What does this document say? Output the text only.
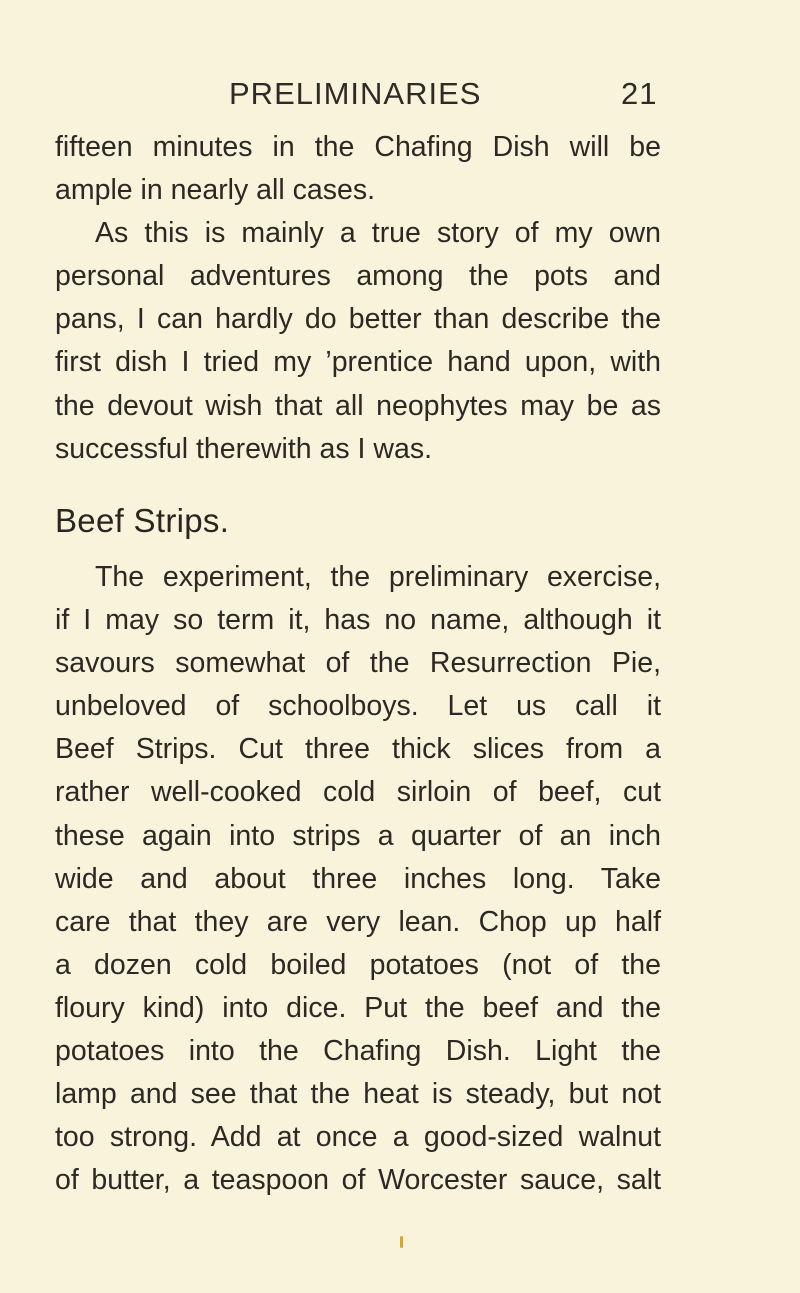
PRELIMINARIES	21
fifteen minutes in the Chafing Dish will be
ample in nearly all cases.
As this is mainly a true story of my own
personal adventures among the pots and
pans, I can hardly do better than describe the
first dish I tried my ’prentice hand upon, with
the devout wish that all neophytes may be as
successful therewith as I was.
Beef Strips.
The experiment, the preliminary exercise,
if I may so term it, has no name, although it
savours somewhat of the Resurrection Pie,
unbeloved of schoolboys. Let us call it
Beef Strips. Cut three thick slices from a
rather well-cooked cold sirloin of beef, cut
these again into strips a quarter of an inch
wide and about three inches long. Take
care that they are very lean. Chop up half
a dozen cold boiled potatoes (not of the
floury kind) into dice. Put the beef and the
potatoes into the Chafing Dish. Light the
lamp and see that the heat is steady, but not
too strong. Add at once a good-sized walnut
of butter, a teaspoon of Worcester sauce, salt
